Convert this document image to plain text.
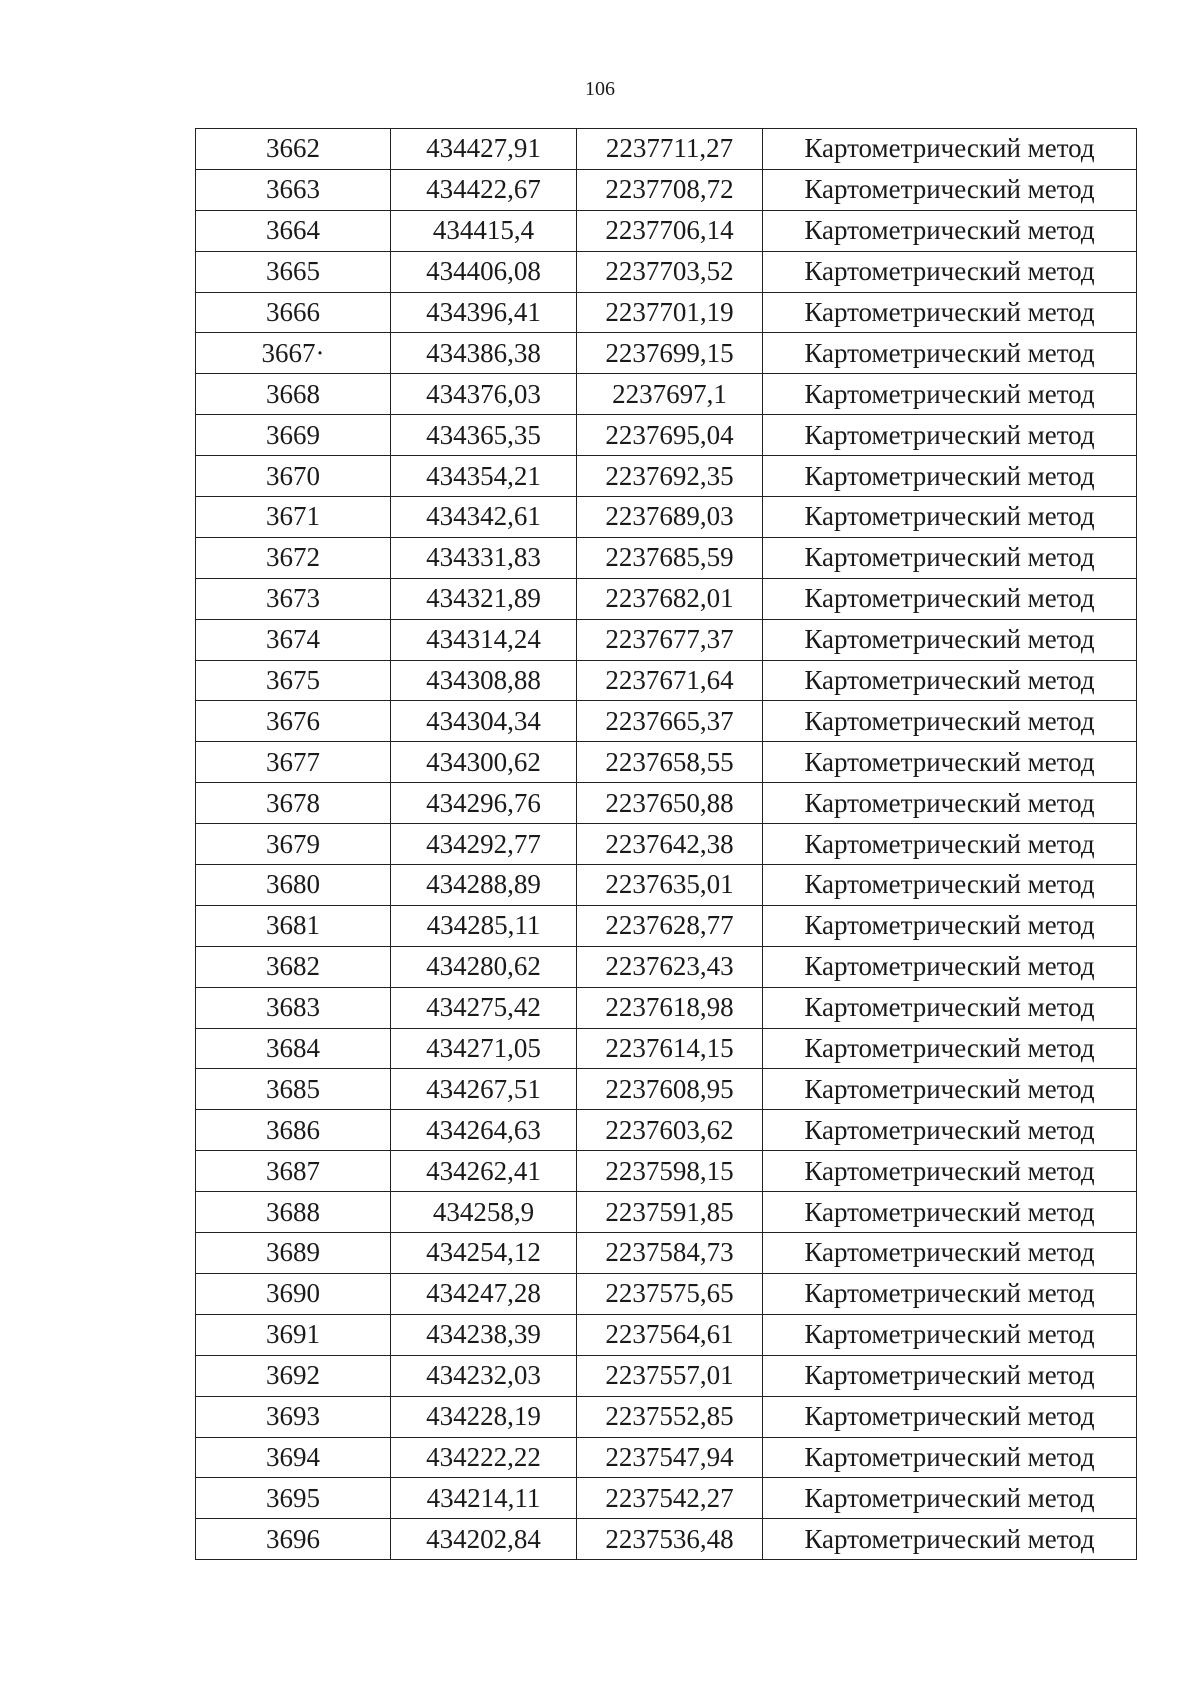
106
3662	434427,91	2237711,27	Картометрический метод
3663	434422,67	2237708,72	Картометрический метод
3664	434415,4	2237706,14	Картометрический метод
3665	434406,08	2237703,52	Картометрический метод
3666	434396,41	2237701,19	Картометрический метод
3667·	434386,38	2237699,15	Картометрический метод
3668	434376,03	2237697,1	Картометрический метод
3669	434365,35	2237695,04	Картометрический метод
3670	434354,21	2237692,35	Картометрический метод
3671	434342,61	2237689,03	Картометрический метод
3672	434331,83	2237685,59	Картометрический метод
3673	434321,89	2237682,01	Картометрический метод
3674	434314,24	2237677,37	Картометрический метод
3675	434308,88	2237671,64	Картометрический метод
3676	434304,34	2237665,37	Картометрический метод
3677	434300,62	2237658,55	Картометрический метод
3678	434296,76	2237650,88	Картометрический метод
3679	434292,77	2237642,38	Картометрический метод
3680	434288,89	2237635,01	Картометрический метод
3681	434285,11	2237628,77	Картометрический метод
3682	434280,62	2237623,43	Картометрический метод
3683	434275,42	2237618,98	Картометрический метод
3684	434271,05	2237614,15	Картометрический метод
3685	434267,51	2237608,95	Картометрический метод
3686	434264,63	2237603,62	Картометрический метод
3687	434262,41	2237598,15	Картометрический метод
3688	434258,9	2237591,85	Картометрический метод
3689	434254,12	2237584,73	Картометрический метод
3690	434247,28	2237575,65	Картометрический метод
3691	434238,39	2237564,61	Картометрический метод
3692	434232,03	2237557,01	Картометрический метод
3693	434228,19	2237552,85	Картометрический метод
3694	434222,22	2237547,94	Картометрический метод
3695	434214,11	2237542,27	Картометрический метод
3696	434202,84	2237536,48	Картометрический метод
